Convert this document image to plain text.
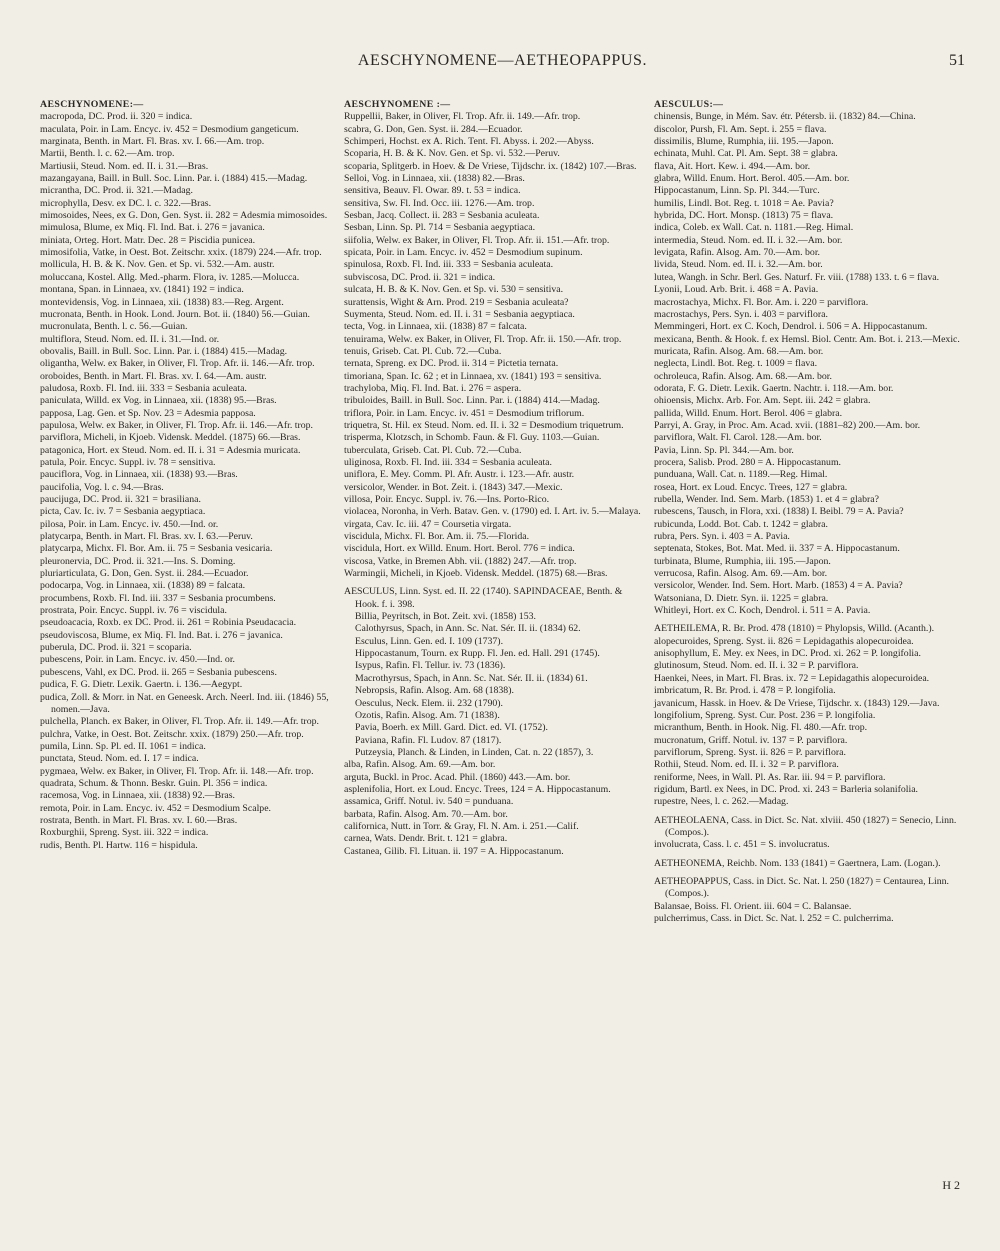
AESCHYNOMENE—AETHEOPAPPUS.	51

AESCHYNOMENE:—

macropoda, DC. Prod. ii. 320 = indica.

maculata, Poir. in Lam. Encyc. iv. 452 = Desmodium gangeticum.

marginata, Benth. in Mart. Fl. Bras. xv. I. 66.—Am. trop.

Martii, Benth. l. c. 62.—Am. trop.

Martiusii, Steud. Nom. ed. II. i. 31.—Bras.

mazangayana, Baill. in Bull. Soc. Linn. Par. i. (1884) 415.—Madag.

micrantha, DC. Prod. ii. 321.—Madag.

microphylla, Desv. ex DC. l. c. 322.—Bras.

mimosoides, Nees, ex G. Don, Gen. Syst. ii. 282 = Adesmia mimosoides.

mimulosa, Blume, ex Miq. Fl. Ind. Bat. i. 276 = javanica.

miniata, Orteg. Hort. Matr. Dec. 28 = Piscidia punicea.

mimosifolia, Vatke, in Oest. Bot. Zeitschr. xxix. (1879) 224.—Afr. trop.

mollicula, H. B. & K. Nov. Gen. et Sp. vi. 532.—Am. austr.

moluccana, Kostel. Allg. Med.-pharm. Flora, iv. 1285.—Molucca.

montana, Span. in Linnaea, xv. (1841) 192 = indica.

montevidensis, Vog. in Linnaea, xii. (1838) 83.—Reg. Argent.

mucronata, Benth. in Hook. Lond. Journ. Bot. ii. (1840) 56.—Guian.

mucronulata, Benth. l. c. 56.—Guian.

multiflora, Steud. Nom. ed. II. i. 31.—Ind. or.

obovalis, Baill. in Bull. Soc. Linn. Par. i. (1884) 415.—Madag.

oligantha, Welw. ex Baker, in Oliver, Fl. Trop. Afr. ii. 146.—Afr. trop.

oroboides, Benth. in Mart. Fl. Bras. xv. I. 64.—Am. austr.

paludosa, Roxb. Fl. Ind. iii. 333 = Sesbania aculeata.

paniculata, Willd. ex Vog. in Linnaea, xii. (1838) 95.—Bras.

papposa, Lag. Gen. et Sp. Nov. 23 = Adesmia papposa.

papulosa, Welw. ex Baker, in Oliver, Fl. Trop. Afr. ii. 146.—Afr. trop.

parviflora, Micheli, in Kjoeb. Vidensk. Meddel. (1875) 66.—Bras.

patagonica, Hort. ex Steud. Nom. ed. II. i. 31 = Adesmia muricata.

patula, Poir. Encyc. Suppl. iv. 78 = sensitiva.

pauciflora, Vog. in Linnaea, xii. (1838) 93.—Bras.

paucifolia, Vog. l. c. 94.—Bras.

paucijuga, DC. Prod. ii. 321 = brasiliana.

picta, Cav. Ic. iv. 7 = Sesbania aegyptiaca.

pilosa, Poir. in Lam. Encyc. iv. 450.—Ind. or.

platycarpa, Benth. in Mart. Fl. Bras. xv. I. 63.—Peruv.

platycarpa, Michx. Fl. Bor. Am. ii. 75 = Sesbania vesicaria.

pleuronervia, DC. Prod. ii. 321.—Ins. S. Doming.

pluriarticulata, G. Don, Gen. Syst. ii. 284.—Ecuador.

podocarpa, Vog. in Linnaea, xii. (1838) 89 = falcata.

procumbens, Roxb. Fl. Ind. iii. 337 = Sesbania procumbens.

prostrata, Poir. Encyc. Suppl. iv. 76 = viscidula.

pseudoacacia, Roxb. ex DC. Prod. ii. 261 = Robinia Pseudacacia.

pseudoviscosa, Blume, ex Miq. Fl. Ind. Bat. i. 276 = javanica.

puberula, DC. Prod. ii. 321 = scoparia.

pubescens, Poir. in Lam. Encyc. iv. 450.—Ind. or.

pubescens, Vahl, ex DC. Prod. ii. 265 = Sesbania pubescens.

pudica, F. G. Dietr. Lexik. Gaertn. i. 136.—Aegypt.

pudica, Zoll. & Morr. in Nat. en Geneesk. Arch. Neerl. Ind. iii. (1846) 55, nomen.—Java.

pulchella, Planch. ex Baker, in Oliver, Fl. Trop. Afr. ii. 149.—Afr. trop.

pulchra, Vatke, in Oest. Bot. Zeitschr. xxix. (1879) 250.—Afr. trop.

pumila, Linn. Sp. Pl. ed. II. 1061 = indica.

punctata, Steud. Nom. ed. I. 17 = indica.

pygmaea, Welw. ex Baker, in Oliver, Fl. Trop. Afr. ii. 148.—Afr. trop.

quadrata, Schum. & Thonn. Beskr. Guin. Pl. 356 = indica.

racemosa, Vog. in Linnaea, xii. (1838) 92.—Bras.

remota, Poir. in Lam. Encyc. iv. 452 = Desmodium Scalpe.

rostrata, Benth. in Mart. Fl. Bras. xv. I. 60.—Bras.

Roxburghii, Spreng. Syst. iii. 322 = indica.

rudis, Benth. Pl. Hartw. 116 = hispidula.

AESCHYNOMENE :—

Ruppellii, Baker, in Oliver, Fl. Trop. Afr. ii. 149.—Afr. trop.

scabra, G. Don, Gen. Syst. ii. 284.—Ecuador.

Schimperi, Hochst. ex A. Rich. Tent. Fl. Abyss. i. 202.—Abyss.

Scoparia, H. B. & K. Nov. Gen. et Sp. vi. 532.—Peruv.

scoparia, Splitgerb. in Hoev. & De Vriese, Tijdschr. ix. (1842) 107.—Bras.

Selloi, Vog. in Linnaea, xii. (1838) 82.—Bras.

sensitiva, Beauv. Fl. Owar. 89. t. 53 = indica.

sensitiva, Sw. Fl. Ind. Occ. iii. 1276.—Am. trop.

Sesban, Jacq. Collect. ii. 283 = Sesbania aculeata.

Sesban, Linn. Sp. Pl. 714 = Sesbania aegyptiaca.

siifolia, Welw. ex Baker, in Oliver, Fl. Trop. Afr. ii. 151.—Afr. trop.

spicata, Poir. in Lam. Encyc. iv. 452 = Desmodium supinum.

spinulosa, Roxb. Fl. Ind. iii. 333 = Sesbania aculeata.

subviscosa, DC. Prod. ii. 321 = indica.

sulcata, H. B. & K. Nov. Gen. et Sp. vi. 530 = sensitiva.

surattensis, Wight & Arn. Prod. 219 = Sesbania aculeata?

Suymenta, Steud. Nom. ed. II. i. 31 = Sesbania aegyptiaca.

tecta, Vog. in Linnaea, xii. (1838) 87 = falcata.

tenuirama, Welw. ex Baker, in Oliver, Fl. Trop. Afr. ii. 150.—Afr. trop.

tenuis, Griseb. Cat. Pl. Cub. 72.—Cuba.

ternata, Spreng. ex DC. Prod. ii. 314 = Pictetia ternata.

timoriana, Span. Ic. 62 ; et in Linnaea, xv. (1841) 193 = sensitiva.

trachyloba, Miq. Fl. Ind. Bat. i. 276 = aspera.

tribuloides, Baill. in Bull. Soc. Linn. Par. i. (1884) 414.—Madag.

triflora, Poir. in Lam. Encyc. iv. 451 = Desmodium triflorum.

triquetra, St. Hil. ex Steud. Nom. ed. II. i. 32 = Desmodium triquetrum.

trisperma, Klotzsch, in Schomb. Faun. & Fl. Guy. 1103.—Guian.

tuberculata, Griseb. Cat. Pl. Cub. 72.—Cuba.

uliginosa, Roxb. Fl. Ind. iii. 334 = Sesbania aculeata.

uniflora, E. Mey. Comm. Pl. Afr. Austr. i. 123.—Afr. austr.

versicolor, Wender. in Bot. Zeit. i. (1843) 347.—Mexic.

villosa, Poir. Encyc. Suppl. iv. 76.—Ins. Porto-Rico.

violacea, Noronha, in Verh. Batav. Gen. v. (1790) ed. I. Art. iv. 5.—Malaya.

virgata, Cav. Ic. iii. 47 = Coursetia virgata.

viscidula, Michx. Fl. Bor. Am. ii. 75.—Florida.

viscidula, Hort. ex Willd. Enum. Hort. Berol. 776 = indica.

viscosa, Vatke, in Bremen Abh. vii. (1882) 247.—Afr. trop.

Warmingii, Micheli, in Kjoeb. Vidensk. Meddel. (1875) 68.—Bras.

AESCULUS, Linn. Syst. ed. II. 22 (1740). SAPINDACEAE, Benth. & Hook. f. i. 398.

Billia, Peyritsch, in Bot. Zeit. xvi. (1858) 153.

Calothyrsus, Spach, in Ann. Sc. Nat. Sér. II. ii. (1834) 62.

Esculus, Linn. Gen. ed. I. 109 (1737).

Hippocastanum, Tourn. ex Rupp. Fl. Jen. ed. Hall. 291 (1745).

Isypus, Rafin. Fl. Tellur. iv. 73 (1836).

Macrothyrsus, Spach, in Ann. Sc. Nat. Sér. II. ii. (1834) 61.

Nebropsis, Rafin. Alsog. Am. 68 (1838).

Oesculus, Neck. Elem. ii. 232 (1790).

Ozotis, Rafin. Alsog. Am. 71 (1838).

Pavia, Boerh. ex Mill. Gard. Dict. ed. VI. (1752).

Paviana, Rafin. Fl. Ludov. 87 (1817).

Putzeysia, Planch. & Linden, in Linden, Cat. n. 22 (1857), 3.

alba, Rafin. Alsog. Am. 69.—Am. bor.

arguta, Buckl. in Proc. Acad. Phil. (1860) 443.—Am. bor.

asplenifolia, Hort. ex Loud. Encyc. Trees, 124 = A. Hippocastanum.

assamica, Griff. Notul. iv. 540 = punduana.

barbata, Rafin. Alsog. Am. 70.—Am. bor.

californica, Nutt. in Torr. & Gray, Fl. N. Am. i. 251.—Calif.

carnea, Wats. Dendr. Brit. t. 121 = glabra.

Castanea, Gilib. Fl. Lituan. ii. 197 = A. Hippocastanum.

AESCULUS:—

chinensis, Bunge, in Mém. Sav. étr. Pétersb. ii. (1832) 84.—China.

discolor, Pursh, Fl. Am. Sept. i. 255 = flava.

dissimilis, Blume, Rumphia, iii. 195.—Japon.

echinata, Muhl. Cat. Pl. Am. Sept. 38 = glabra.

flava, Ait. Hort. Kew. i. 494.—Am. bor.

glabra, Willd. Enum. Hort. Berol. 405.—Am. bor.

Hippocastanum, Linn. Sp. Pl. 344.—Turc.

humilis, Lindl. Bot. Reg. t. 1018 = Ae. Pavia?

hybrida, DC. Hort. Monsp. (1813) 75 = flava.

indica, Coleb. ex Wall. Cat. n. 1181.—Reg. Himal.

intermedia, Steud. Nom. ed. II. i. 32.—Am. bor.

levigata, Rafin. Alsog. Am. 70.—Am. bor.

livida, Steud. Nom. ed. II. i. 32.—Am. bor.

lutea, Wangh. in Schr. Berl. Ges. Naturf. Fr. viii. (1788) 133. t. 6 = flava.

Lyonii, Loud. Arb. Brit. i. 468 = A. Pavia.

macrostachya, Michx. Fl. Bor. Am. i. 220 = parviflora.

macrostachys, Pers. Syn. i. 403 = parviflora.

Memmingeri, Hort. ex C. Koch, Dendrol. i. 506 = A. Hippocastanum.

mexicana, Benth. & Hook. f. ex Hemsl. Biol. Centr. Am. Bot. i. 213.—Mexic.

muricata, Rafin. Alsog. Am. 68.—Am. bor.

neglecta, Lindl. Bot. Reg. t. 1009 = flava.

ochroleuca, Rafin. Alsog. Am. 68.—Am. bor.

odorata, F. G. Dietr. Lexik. Gaertn. Nachtr. i. 118.—Am. bor.

ohioensis, Michx. Arb. For. Am. Sept. iii. 242 = glabra.

pallida, Willd. Enum. Hort. Berol. 406 = glabra.

Parryi, A. Gray, in Proc. Am. Acad. xvii. (1881–82) 200.—Am. bor.

parviflora, Walt. Fl. Carol. 128.—Am. bor.

Pavia, Linn. Sp. Pl. 344.—Am. bor.

procera, Salisb. Prod. 280 = A. Hippocastanum.

punduana, Wall. Cat. n. 1189.—Reg. Himal.

rosea, Hort. ex Loud. Encyc. Trees, 127 = glabra.

rubella, Wender. Ind. Sem. Marb. (1853) 1. et 4 = glabra?

rubescens, Tausch, in Flora, xxi. (1838) I. Beibl. 79 = A. Pavia?

rubicunda, Lodd. Bot. Cab. t. 1242 = glabra.

rubra, Pers. Syn. i. 403 = A. Pavia.

septenata, Stokes, Bot. Mat. Med. ii. 337 = A. Hippocastanum.

turbinata, Blume, Rumphia, iii. 195.—Japon.

verrucosa, Rafin. Alsog. Am. 69.—Am. bor.

versicolor, Wender. Ind. Sem. Hort. Marb. (1853) 4 = A. Pavia?

Watsoniana, D. Dietr. Syn. ii. 1225 = glabra.

Whitleyi, Hort. ex C. Koch, Dendrol. i. 511 = A. Pavia.

AETHEILEMA, R. Br. Prod. 478 (1810) = Phylopsis, Willd. (Acanth.).

alopecuroides, Spreng. Syst. ii. 826 = Lepidagathis alopecuroidea.

anisophyllum, E. Mey. ex Nees, in DC. Prod. xi. 262 = P. longifolia.

glutinosum, Steud. Nom. ed. II. i. 32 = P. parviflora.

Haenkei, Nees, in Mart. Fl. Bras. ix. 72 = Lepidagathis alopecuroidea.

imbricatum, R. Br. Prod. i. 478 = P. longifolia.

javanicum, Hassk. in Hoev. & De Vriese, Tijdschr. x. (1843) 129.—Java.

longifolium, Spreng. Syst. Cur. Post. 236 = P. longifolia.

micranthum, Benth. in Hook. Nig. Fl. 480.—Afr. trop.

mucronatum, Griff. Notul. iv. 137 = P. parviflora.

parviflorum, Spreng. Syst. ii. 826 = P. parviflora.

Rothii, Steud. Nom. ed. II. i. 32 = P. parviflora.

reniforme, Nees, in Wall. Pl. As. Rar. iii. 94 = P. parviflora.

rigidum, Bartl. ex Nees, in DC. Prod. xi. 243 = Barleria solanifolia.

rupestre, Nees, l. c. 262.—Madag.

AETHEOLAENA, Cass. in Dict. Sc. Nat. xlviii. 450 (1827) = Senecio, Linn. (Compos.).

involucrata, Cass. l. c. 451 = S. involucratus.

AETHEONEMA, Reichb. Nom. 133 (1841) = Gaertnera, Lam. (Logan.).

AETHEOPAPPUS, Cass. in Dict. Sc. Nat. l. 250 (1827) = Centaurea, Linn. (Compos.).

Balansae, Boiss. Fl. Orient. iii. 604 = C. Balansae.

pulcherrimus, Cass. in Dict. Sc. Nat. l. 252 = C. pulcherrima.

H 2
